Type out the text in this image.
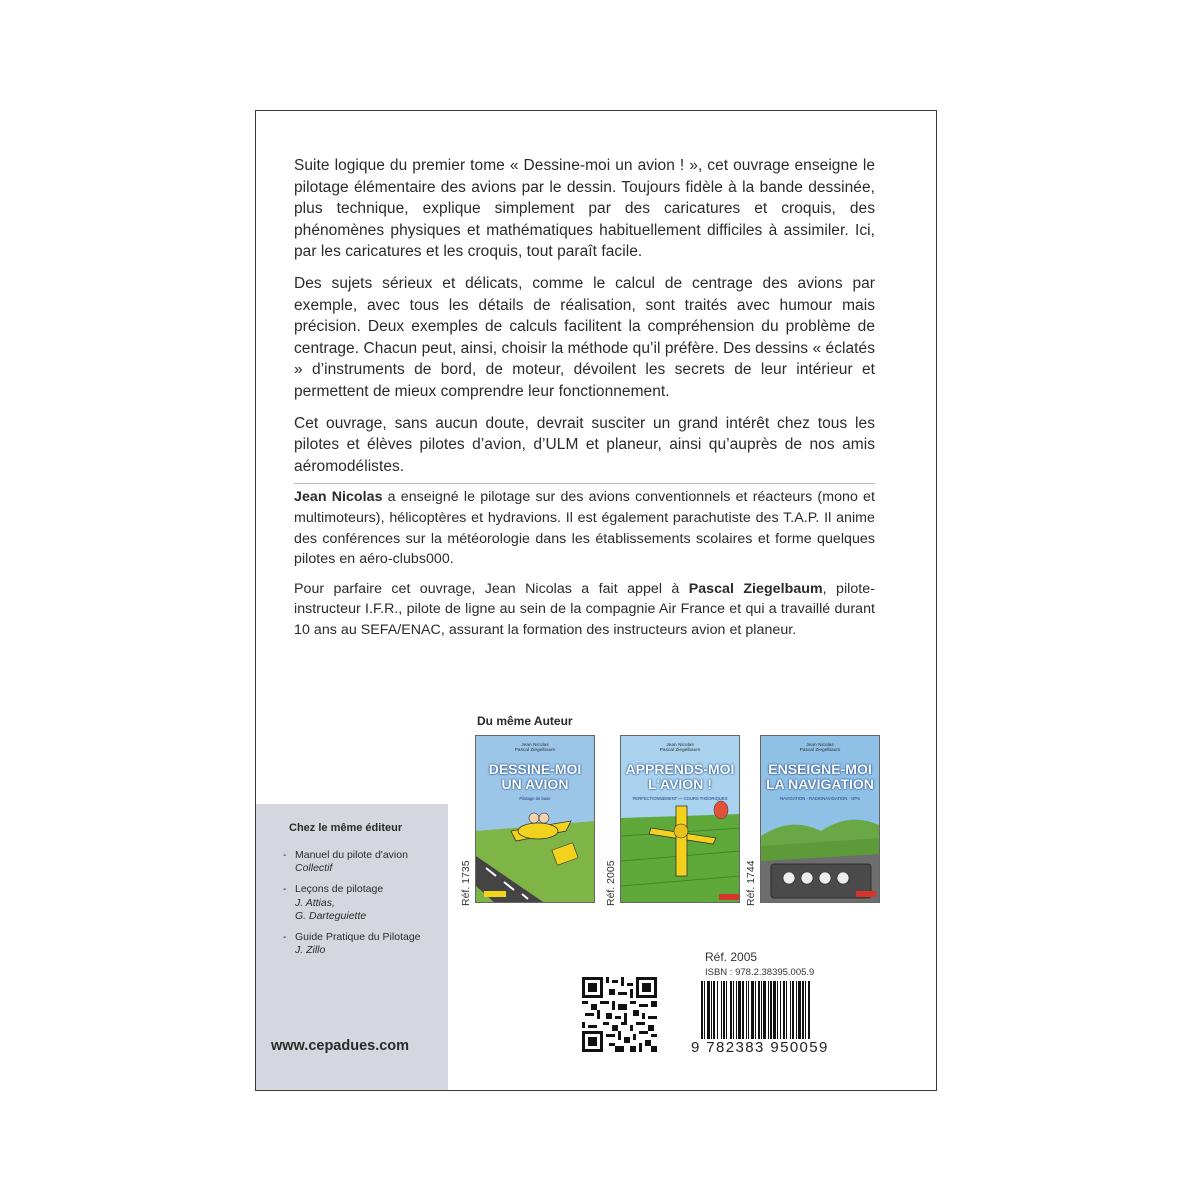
Suite logique du premier tome « Dessine-moi un avion ! », cet ouvrage enseigne le pilotage élémentaire des avions par le dessin. Toujours fidèle à la bande dessinée, plus technique, explique simplement par des caricatures et croquis, des phénomènes physiques et mathématiques habituellement difficiles à assimiler. Ici, par les caricatures et les croquis, tout paraît facile.

Des sujets sérieux et délicats, comme le calcul de centrage des avions par exemple, avec tous les détails de réalisation, sont traités avec humour mais précision. Deux exemples de calculs facilitent la compréhension du problème de centrage. Chacun peut, ainsi, choisir la méthode qu’il préfère. Des dessins « éclatés » d’instruments de bord, de moteur, dévoilent les secrets de leur intérieur et permettent de mieux comprendre leur fonctionnement.

Cet ouvrage, sans aucun doute, devrait susciter un grand intérêt chez tous les pilotes et élèves pilotes d’avion, d’ULM et planeur, ainsi qu’auprès de nos amis aéromodélistes.

Jean Nicolas a enseigné le pilotage sur des avions conventionnels et réacteurs (mono et multimoteurs), hélicoptères et hydravions. Il est également parachutiste des T.A.P. Il anime des conférences sur la météorologie dans les établissements scolaires et forme quelques pilotes en aéro-clubs000.

Pour parfaire cet ouvrage, Jean Nicolas a fait appel à Pascal Ziegelbaum, pilote-instructeur I.F.R., pilote de ligne au sein de la compagnie Air France et qui a travaillé durant 10 ans au SEFA/ENAC, assurant la formation des instructeurs avion et planeur.

Du même Auteur
Jean Nicolas
Pascal Ziegelbaum
DESSINE-MOI
UN AVION
Pilotage de base
Réf. 1735
Jean Nicolas
Pascal Ziegelbaum
APPRENDS-MOI
L'AVION !
PERFECTIONNEMENT — COURS THÉORIQUES
Réf. 2005
Jean Nicolas
Pascal Ziegelbaum
ENSEIGNE-MOI
LA NAVIGATION
NAVIGATION · RADIONAVIGATION · GPS
Réf. 1744
Chez le même éditeur
- Manuel du pilote d'avion
Collectif
- Leçons de pilotage
J. Attias,
G. Darteguiette
- Guide Pratique du Pilotage
J. Zillo
www.cepadues.com
Réf. 2005
ISBN : 978.2.38395.005.9
9 782383 950059
